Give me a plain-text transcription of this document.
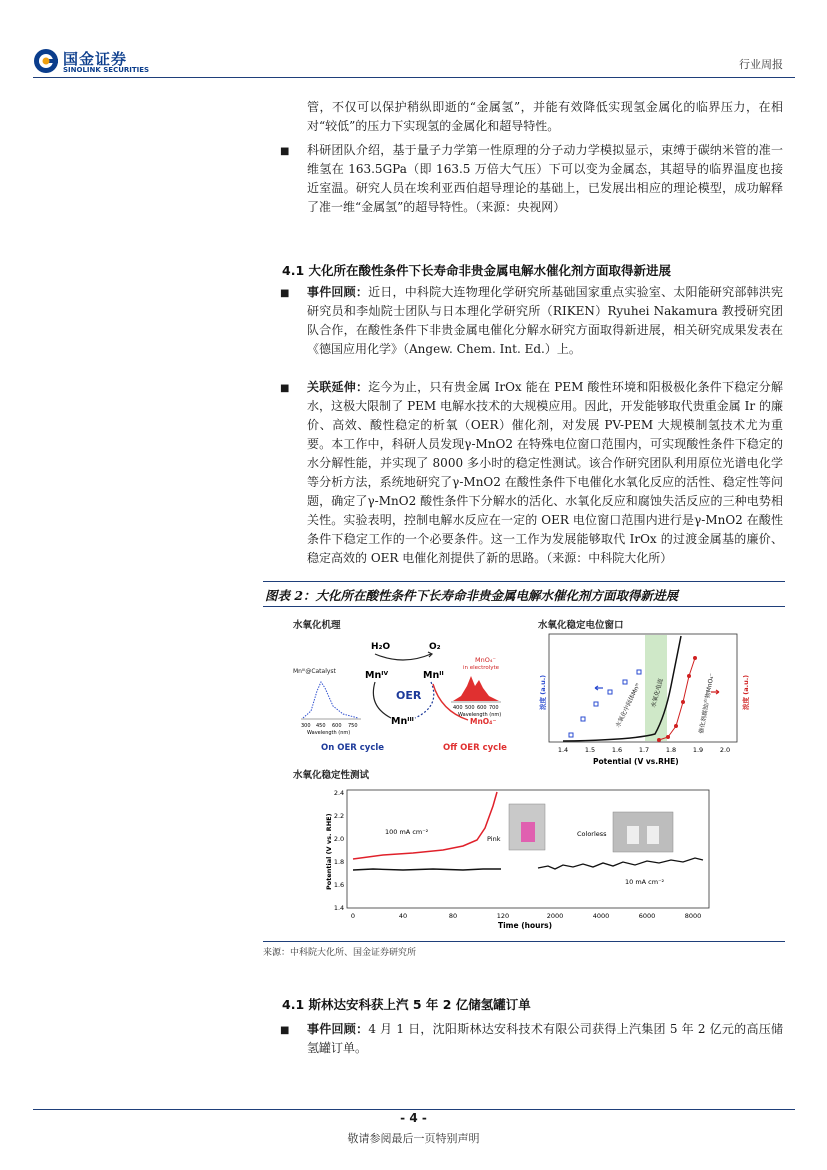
国金证券
SINOLINK SECURITIES	行业周报
管，不仅可以保护稍纵即逝的“金属氢”，并能有效降低实现氢金属化的临界压力，在相对“较低”的压力下实现氢的金属化和超导特性。
■ 科研团队介绍，基于量子力学第一性原理的分子动力学模拟显示，束缚于碳纳米管的准一维氢在 163.5GPa（即 163.5 万倍大气压）下可以变为金属态，其超导的临界温度也接近室温。研究人员在埃利亚西伯超导理论的基础上，已发展出相应的理论模型，成功解释了准一维“金属氢”的超导特性。（来源：央视网）
4.1 大化所在酸性条件下长寿命非贵金属电解水催化剂方面取得新进展
■ 事件回顾：近日，中科院大连物理化学研究所基础国家重点实验室、太阳能研究部韩洪宪研究员和李灿院士团队与日本理化学研究所（RIKEN）Ryuhei Nakamura 教授研究团队合作，在酸性条件下非贵金属电催化分解水研究方面取得新进展，相关研究成果发表在《德国应用化学》（Angew. Chem. Int. Ed.）上。
■ 关联延伸：迄今为止，只有贵金属 IrOx 能在 PEM 酸性环境和阳极极化条件下稳定分解水，这极大限制了 PEM 电解水技术的大规模应用。因此，开发能够取代贵重金属 Ir 的廉价、高效、酸性稳定的析氧（OER）催化剂，对发展 PV-PEM 大规模制氢技术尤为重要。本工作中，科研人员发现γ-MnO2 在特殊电位窗口范围内，可实现酸性条件下稳定的水分解性能，并实现了 8000 多小时的稳定性测试。该合作研究团队利用原位光谱电化学等分析方法，系统地研究了γ-MnO2 在酸性条件下电催化水氧化反应的活性、稳定性等问题，确定了γ-MnO2 酸性条件下分解水的活化、水氧化反应和腐蚀失活反应的三种电势相关性。实验表明，控制电解水反应在一定的 OER 电位窗口范围内进行是γ-MnO2 在酸性条件下稳定工作的一个必要条件。这一工作为发展能够取代 IrOx 的过渡金属基的廉价、稳定高效的 OER 电催化剂提供了新的思路。（来源：中科院大化所）
图表 2：大化所在酸性条件下长寿命非贵金属电解水催化剂方面取得新进展
水氧化机理
H₂O	O₂
Mnᴵⱽ	Mnᴵᴵ
OER
Mnᴵᴵᴵ
Mnᴵᴵᴵ@Catalyst
300 450 600 750
Wavelength (nm)
MnO₄⁻
in electrolyte
400 500 600 700
Wavelength (nm)
MnO₄⁻
On OER cycle	Off OER cycle
水氧化稳定电位窗口
1.4	1.5	1.6	1.7	1.8	1.9	2.0
Potential (V vs.RHE)
浓度 (a.u.)	浓度 (a.u.)
水氧化中间体Mnᴵᴵᴵ 水氧化电流	催化剂腐蚀产物MnO₄⁻
水氧化稳定性测试
1.4
1.6
1.8
2.0
2.2
2.4
0	40	80	120	2000	4000	6000	8000
Potential (V vs. RHE)
Time (hours)
100 mA cm⁻²
10 mA cm⁻²
Pink
Colorless
来源：中科院大化所、国金证券研究所
4.1 斯林达安科获上汽 5 年 2 亿储氢罐订单
■ 事件回顾：4 月 1 日，沈阳斯林达安科技术有限公司获得上汽集团 5 年 2 亿元的高压储氢罐订单。
- 4 -
敬请参阅最后一页特别声明
